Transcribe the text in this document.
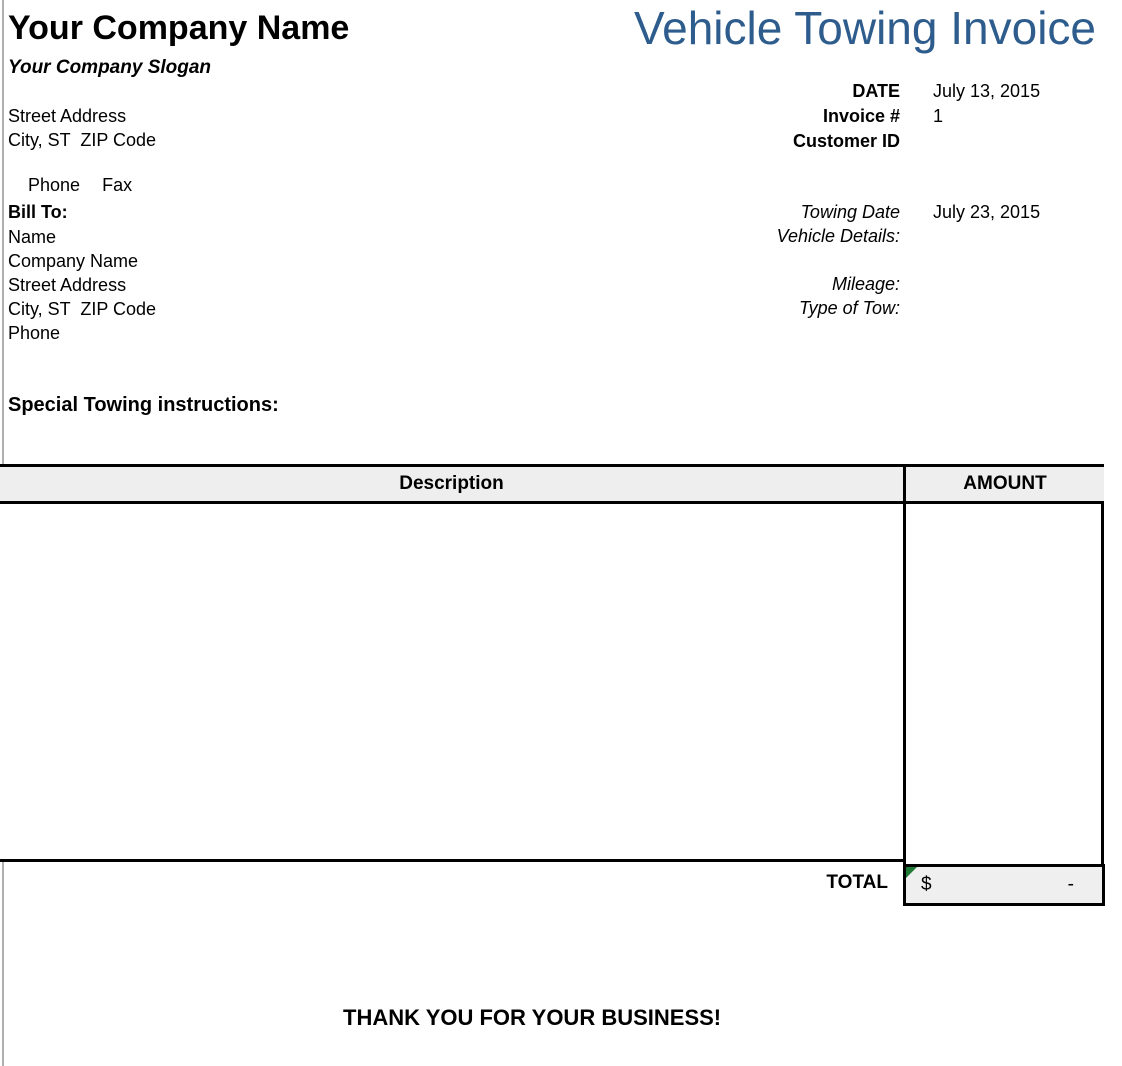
Your Company Name
Your Company Slogan
Street Address
City, ST  ZIP Code

Phone Fax

Vehicle Towing Invoice
DATE July 13, 2015
Invoice # 1
Customer ID
Bill To:
Name
Company Name
Street Address
City, ST  ZIP Code
Phone
Towing Date July 23, 2015
Vehicle Details:
Mileage:
Type of Tow:
Special Towing instructions:
Description	AMOUNT
TOTAL $	-
THANK YOU FOR YOUR BUSINESS!
